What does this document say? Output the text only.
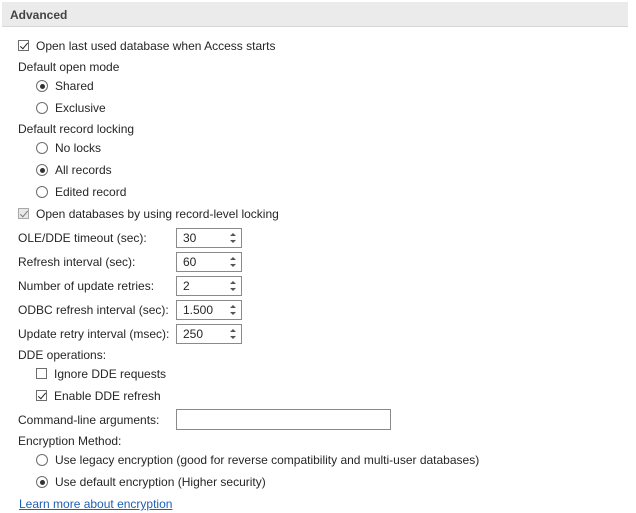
Advanced
Open last used database when Access starts
Default open mode
Shared
Exclusive
Default record locking
No locks
All records
Edited record
Open databases by using record-level locking
OLE/DDE timeout (sec):	30
Refresh interval (sec):	60
Number of update retries: 2
ODBC refresh interval (sec): 1.500
Update retry interval (msec): 250
DDE operations:
Ignore DDE requests
Enable DDE refresh
Command-line arguments:
Encryption Method:
Use legacy encryption (good for reverse compatibility and multi-user databases)
Use default encryption (Higher security)
Learn more about encryption
